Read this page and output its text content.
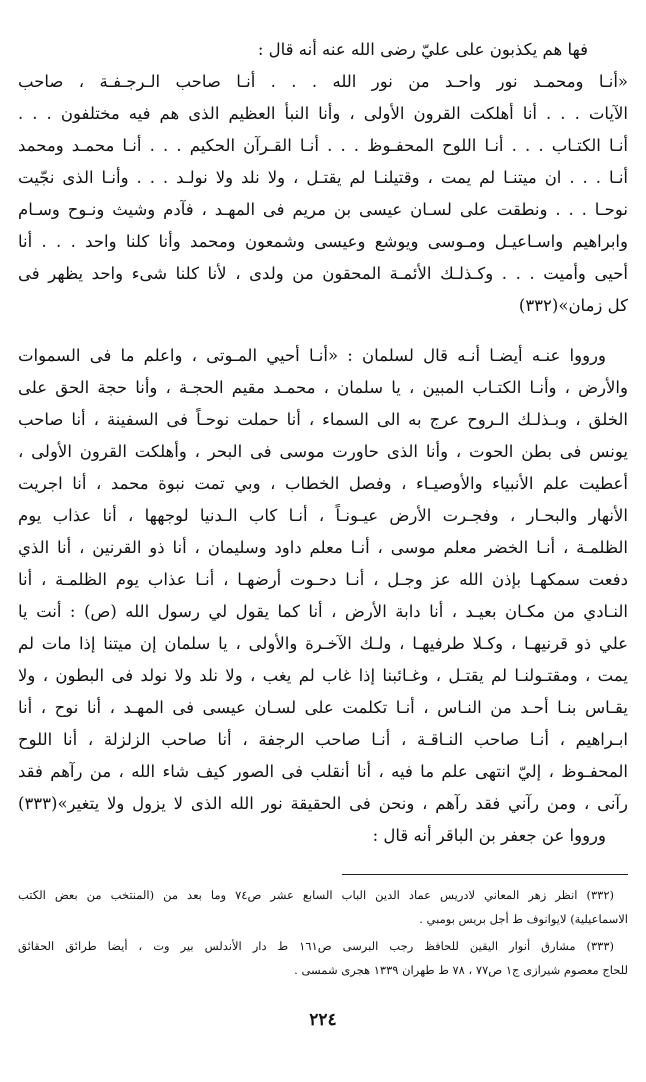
فها هم يكذبون على عليّ رضى الله عنه أنه قال :
«أنـا ومحمـد نور واحـد من نور الله . . . أنـا صاحب الـرجـفـة ، صاحب
الآيات . . . أنا أهلكت القرون الأولى ، وأنا النبأ العظيم الذى هم فيه مختلفون . . .
أنـا الكتـاب . . . أنـا اللوح المحفـوظ . . . أنـا القـرآن الحكيم . . . أنـا محمـد ومحمد
أنـا . . . ان ميتنـا لم يمت ، وقتيلنـا لم يقتـل ، ولا نلد ولا نولـد . . . وأنـا الذى نجّيت
نوحـا . . . ونطقت على لسـان عيسى بن مريم فى المهـد ، فآدم وشيث ونـوح وسـام
وابراهيم واسـاعيـل ومـوسى ويوشع وعيسى وشمعون ومحمد وأنا كلنا واحد . . . أنا
أحيى وأميت . . . وكـذلـك الأئمـة المحقون من ولدى ، لأنا كلنا شىء واحد يظهر فى
كل زمان»(٣٣٢)
ورووا عنـه أيضـا أنـه قال لسلمان : «أنـا أحيي المـوتى ، واعلم ما فى السموات
والأرض ، وأنـا الكتـاب المبين ، يا سلمان ، محمـد مقيم الحجـة ، وأنا حجة الحق على
الخلق ، وبـذلـك الـروح عرج به الى السماء ، أنا حملت نوحـاً فى السفينة ، أنا صاحب
يونس فى بطن الحوت ، وأنا الذى حاورت موسى فى البحر ، وأهلكت القرون الأولى ،
أعطيت علم الأنبياء والأوصيـاء ، وفصل الخطاب ، وبي تمت نبوة محمد ، أنا اجريت
الأنهار والبحـار ، وفجـرت الأرض عيـونـاً ، أنـا كاب الـدنيا لوجهها ، أنا عذاب يوم
الظلمـة ، أنـا الخضر معلم موسى ، أنـا معلم داود وسليمان ، أنا ذو القرنين ، أنا الذي
دفعت سمكهـا بإذن الله عز وجـل ، أنـا دحـوت أرضهـا ، أنـا عذاب يوم الظلمـة ، أنا
النـادي من مكـان بعيـد ، أنا دابة الأرض ، أنا كما يقول لي رسول الله (ص) : أنت يا
علي ذو قرنيهـا ، وكـلا طرفيهـا ، ولـك الآخـرة والأولى ، يا سلمان إن ميتنا إذا مات لم
يمت ، ومقتـولنـا لم يقتـل ، وغـائبنا إذا غاب لم يغب ، ولا نلد ولا نولد فى البطون ، ولا
يقـاس بنـا أحـد من النـاس ، أنـا تكلمت على لسـان عيسى فى المهـد ، أنا نوح ، أنا
ابـراهيم ، أنـا صاحب النـاقـة ، أنـا صاحب الرجفة ، أنا صاحب الزلزلة ، أنا اللوح
المحفـوظ ، إليّ انتهى علم ما فيه ، أنا أنقلب فى الصور كيف شاء الله ، من رآهم فقد
رآنى ، ومن رآني فقد رآهم ، ونحن فى الحقيقة نور الله الذى لا يزول ولا يتغير»(٣٣٣)
ورووا عن جعفر بن الباقر أنه قال :
(٣٣٢) انظر زهر المعاني لادريس عماد الدين الباب السابع عشر ص٧٤ وما بعد من (المنتخب من بعض الكتب
الاسماعيلية) لايوانوف ط أجل بريس بومبي .
(٣٣٣) مشارق أنوار اليقين للحافظ رجب البرسى ص١٦١ ط دار الأندلس بير وت ، أيضا طرائق الحقائق
للحاج معصوم شيرازى ج١ ص٧٧ ، ٧٨ ط طهران ١٣٣٩ هجرى شمسى .
٢٢٤
